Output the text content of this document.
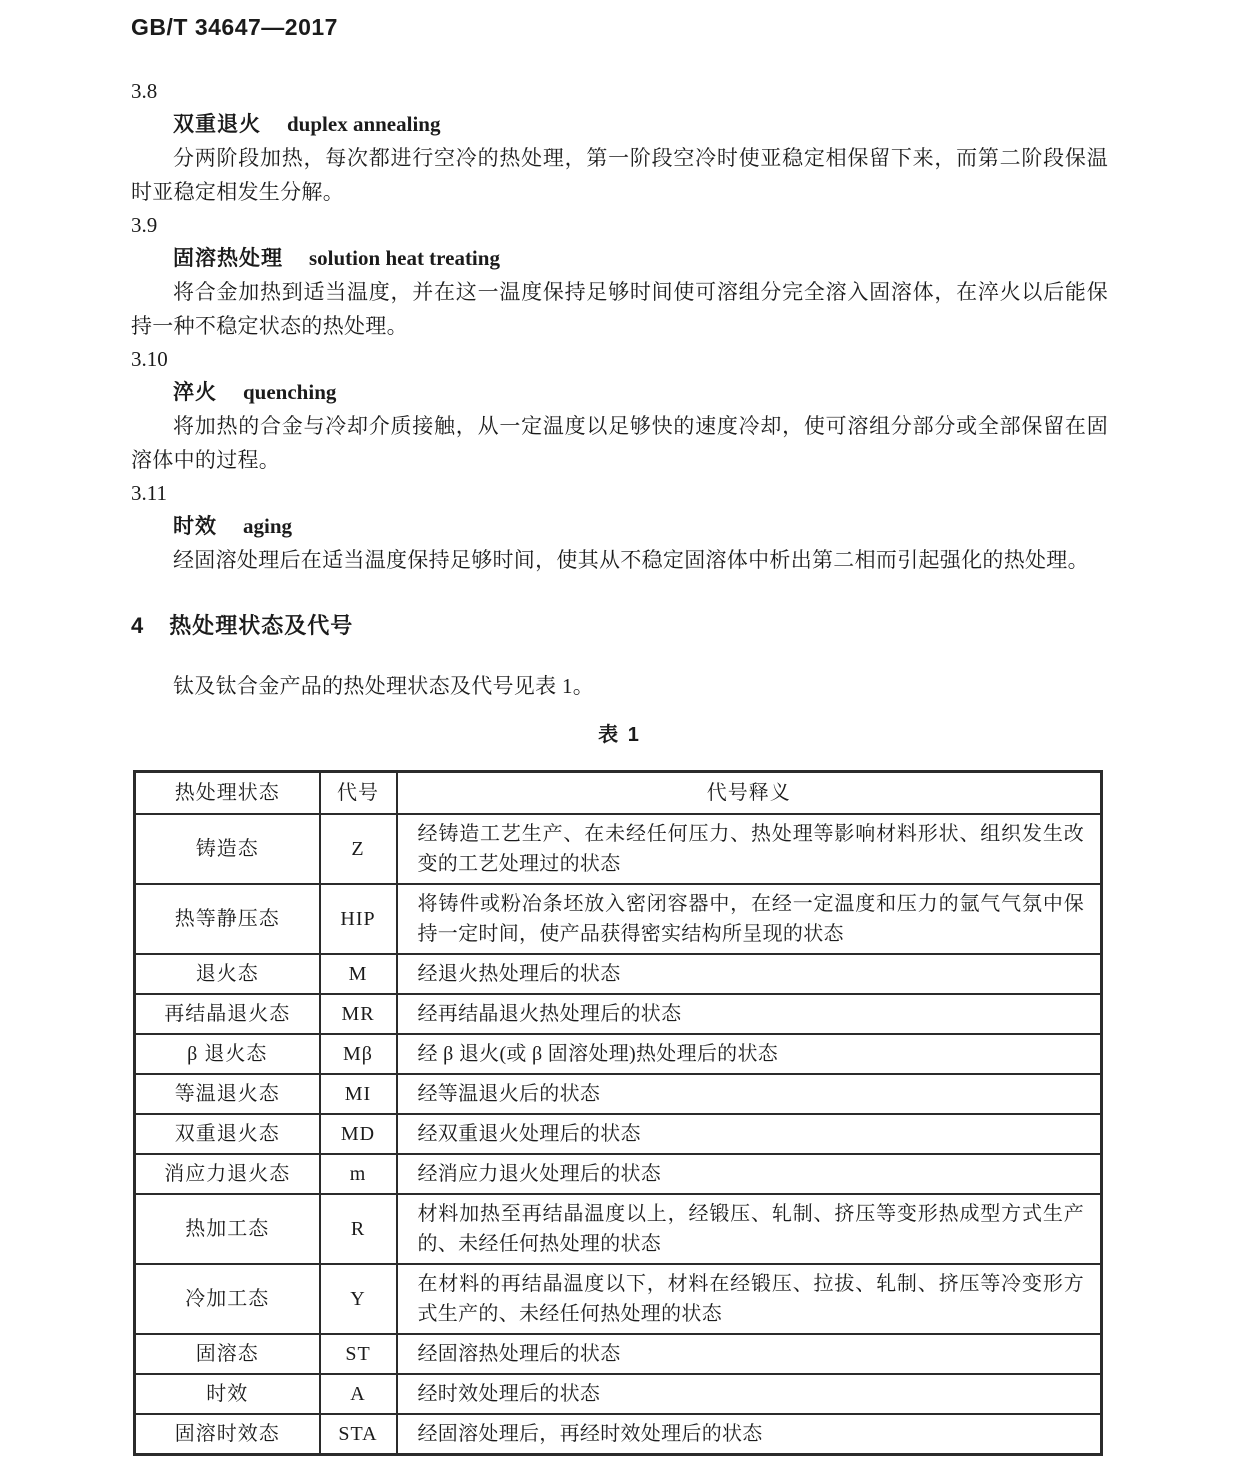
GB/T 34647—2017
3.8
双重退火 duplex annealing

分两阶段加热，每次都进行空冷的热处理，第一阶段空冷时使亚稳定相保留下来，而第二阶段保温时亚稳定相发生分解。

3.9
固溶热处理 solution heat treating

将合金加热到适当温度，并在这一温度保持足够时间使可溶组分完全溶入固溶体，在淬火以后能保持一种不稳定状态的热处理。

3.10
淬火 quenching

将加热的合金与冷却介质接触，从一定温度以足够快的速度冷却，使可溶组分部分或全部保留在固溶体中的过程。

3.11
时效 aging

经固溶处理后在适当温度保持足够时间，使其从不稳定固溶体中析出第二相而引起强化的热处理。

4 热处理状态及代号

钛及钛合金产品的热处理状态及代号见表 1。

表 1
热处理状态	代号	代号释义
铸造态	Z	经铸造工艺生产、在未经任何压力、热处理等影响材料形状、组织发生改变的工艺处理过的状态
热等静压态	HIP	将铸件或粉冶条坯放入密闭容器中，在经一定温度和压力的氩气气氛中保持一定时间，使产品获得密实结构所呈现的状态
退火态	M	经退火热处理后的状态
再结晶退火态	MR	经再结晶退火热处理后的状态
β 退火态	Mβ	经 β 退火(或 β 固溶处理)热处理后的状态
等温退火态	MI	经等温退火后的状态
双重退火态	MD	经双重退火处理后的状态
消应力退火态	m	经消应力退火处理后的状态
热加工态	R	材料加热至再结晶温度以上，经锻压、轧制、挤压等变形热成型方式生产的、未经任何热处理的状态
冷加工态	Y	在材料的再结晶温度以下，材料在经锻压、拉拔、轧制、挤压等冷变形方式生产的、未经任何热处理的状态
固溶态	ST	经固溶热处理后的状态
时效	A	经时效处理后的状态
固溶时效态	STA	经固溶处理后，再经时效处理后的状态
